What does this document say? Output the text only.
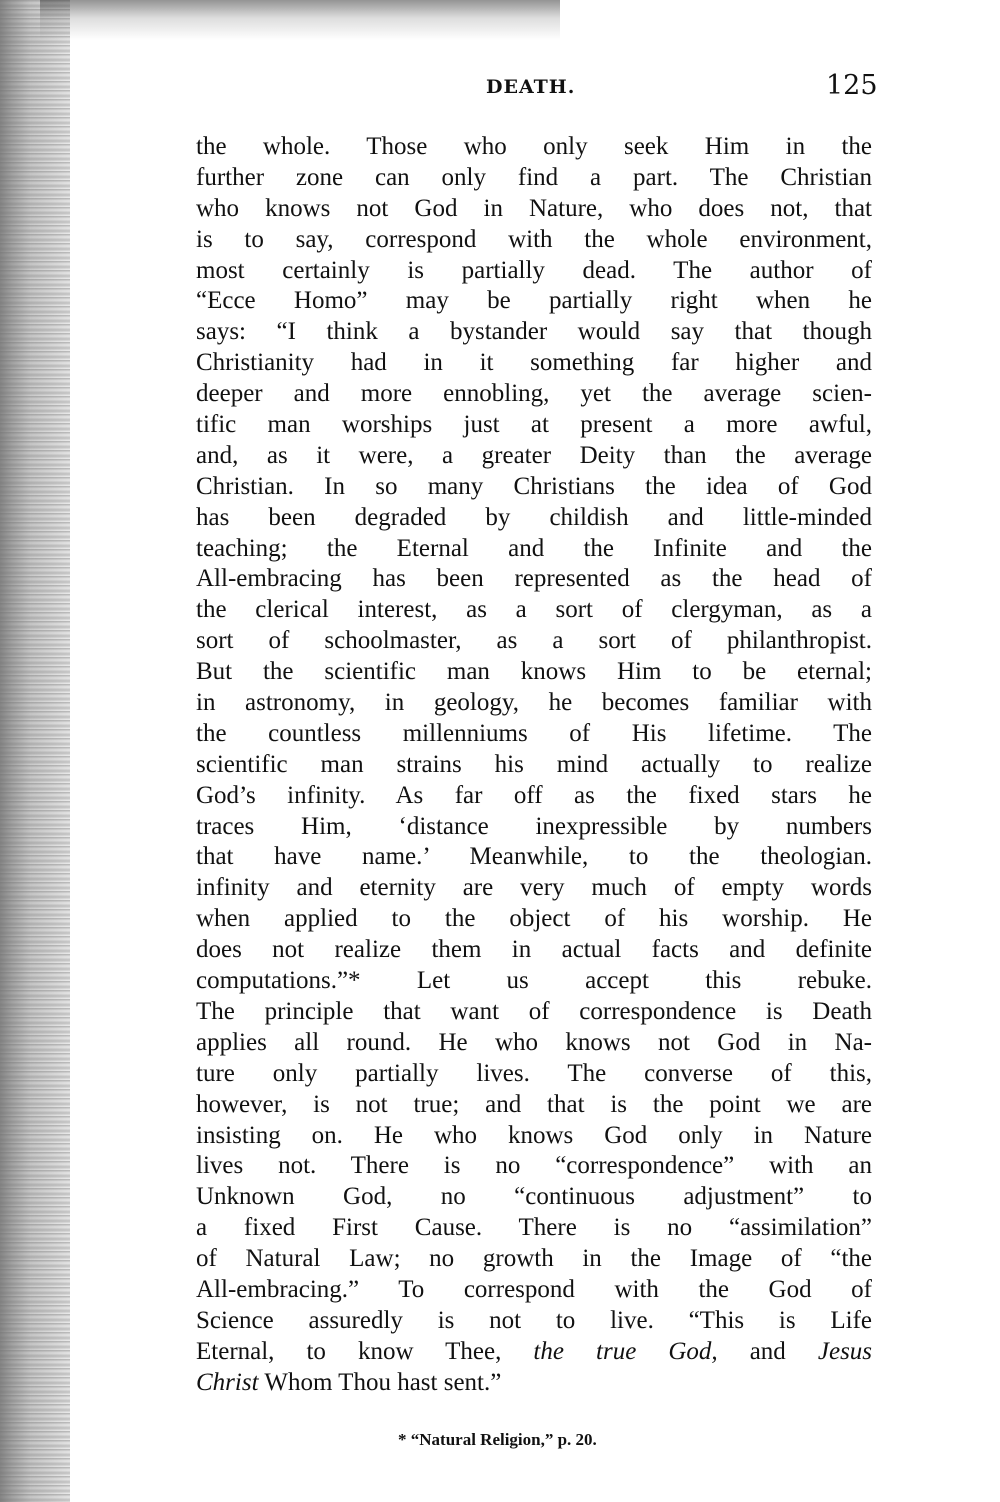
DEATH.	125
the whole. Those who only seek Him in the
further zone can only find a part. The Christian
who knows not God in Nature, who does not, that
is to say, correspond with the whole environment,
most certainly is partially dead. The author of
“Ecce Homo” may be partially right when he
says: “I think a bystander would say that though
Christianity had in it something far higher and
deeper and more ennobling, yet the average scien-
tific man worships just at present a more awful,
and, as it were, a greater Deity than the average
Christian. In so many Christians the idea of God
has been degraded by childish and little-minded
teaching; the Eternal and the Infinite and the
All-embracing has been represented as the head of
the clerical interest, as a sort of clergyman, as a
sort of schoolmaster, as a sort of philanthropist.
But the scientific man knows Him to be eternal;
in astronomy, in geology, he becomes familiar with
the countless millenniums of His lifetime. The
scientific man strains his mind actually to realize
God’s infinity. As far off as the fixed stars he
traces Him, ‘distance inexpressible by numbers
that have name.’ Meanwhile, to the theologian.
infinity and eternity are very much of empty words
when applied to the object of his worship. He
does not realize them in actual facts and definite
computations.”* Let us accept this rebuke.
The principle that want of correspondence is Death
applies all round. He who knows not God in Na-
ture only partially lives. The converse of this,
however, is not true; and that is the point we are
insisting on. He who knows God only in Nature
lives not. There is no “correspondence” with an
Unknown God, no “continuous adjustment” to
a fixed First Cause. There is no “assimilation”
of Natural Law; no growth in the Image of “the
All-embracing.” To correspond with the God of
Science assuredly is not to live. “This is Life
Eternal, to know Thee, the true God, and Jesus
Christ Whom Thou hast sent.”
* “Natural Religion,” p. 20.
